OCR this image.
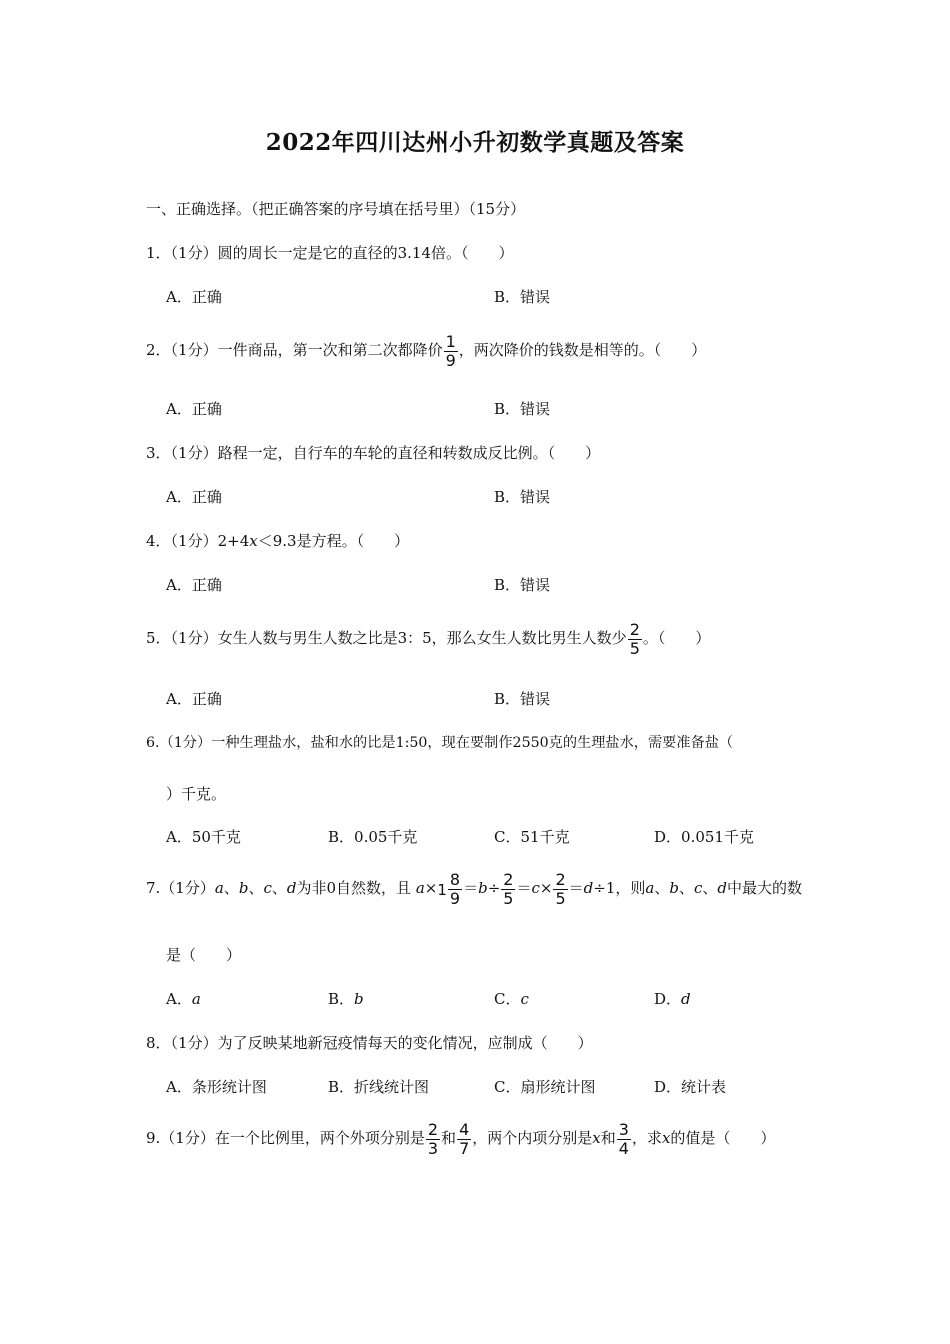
2022年四川达州小升初数学真题及答案
一、正确选择。（把正确答案的序号填在括号里）（15分）
1．（1分）圆的周长一定是它的直径的3.14倍。（　　）
A．正确	B．错误
2．（1分）一件商品，第一次和第二次都降价 $\frac{1}{9}$ ，两次降价的钱数是相等的。（　　）
A．正确	B．错误
3．（1分）路程一定，自行车的车轮的直径和转数成反比例。（　　）
A．正确	B．错误
4．（1分）2+4x＜9.3是方程。（　　）
A．正确	B．错误
5．（1分）女生人数与男生人数之比是3：5，那么女生人数比男生人数少 $\frac{2}{5}$ 。（　　）
A．正确	B．错误
6.（1分）一种生理盐水，盐和水的比是1:50，现在要制作2550克的生理盐水，需要准备盐（
）千克。
A．50千克	B．0.05千克	C．51千克	D．0.051千克
7.（1分）a、b、c、d为非0自然数，且 $a\times 1 \frac{8}{9} =b\div \frac{2}{5} =c\times \frac{2}{5} =d\div 1$，则a、b、c、d中最大的数
是（　　）
A．a	B．b	C．c	D．d
8．（1分）为了反映某地新冠疫情每天的变化情况，应制成（　　）
A．条形统计图	B．折线统计图	C．扇形统计图	D．统计表
9.（1分）在一个比例里，两个外项分别是 $\frac{2}{3}$ 和 $\frac{4}{7}$ ，两个内项分别是x和 $\frac{3}{4}$ ，求x的值是（　　）
